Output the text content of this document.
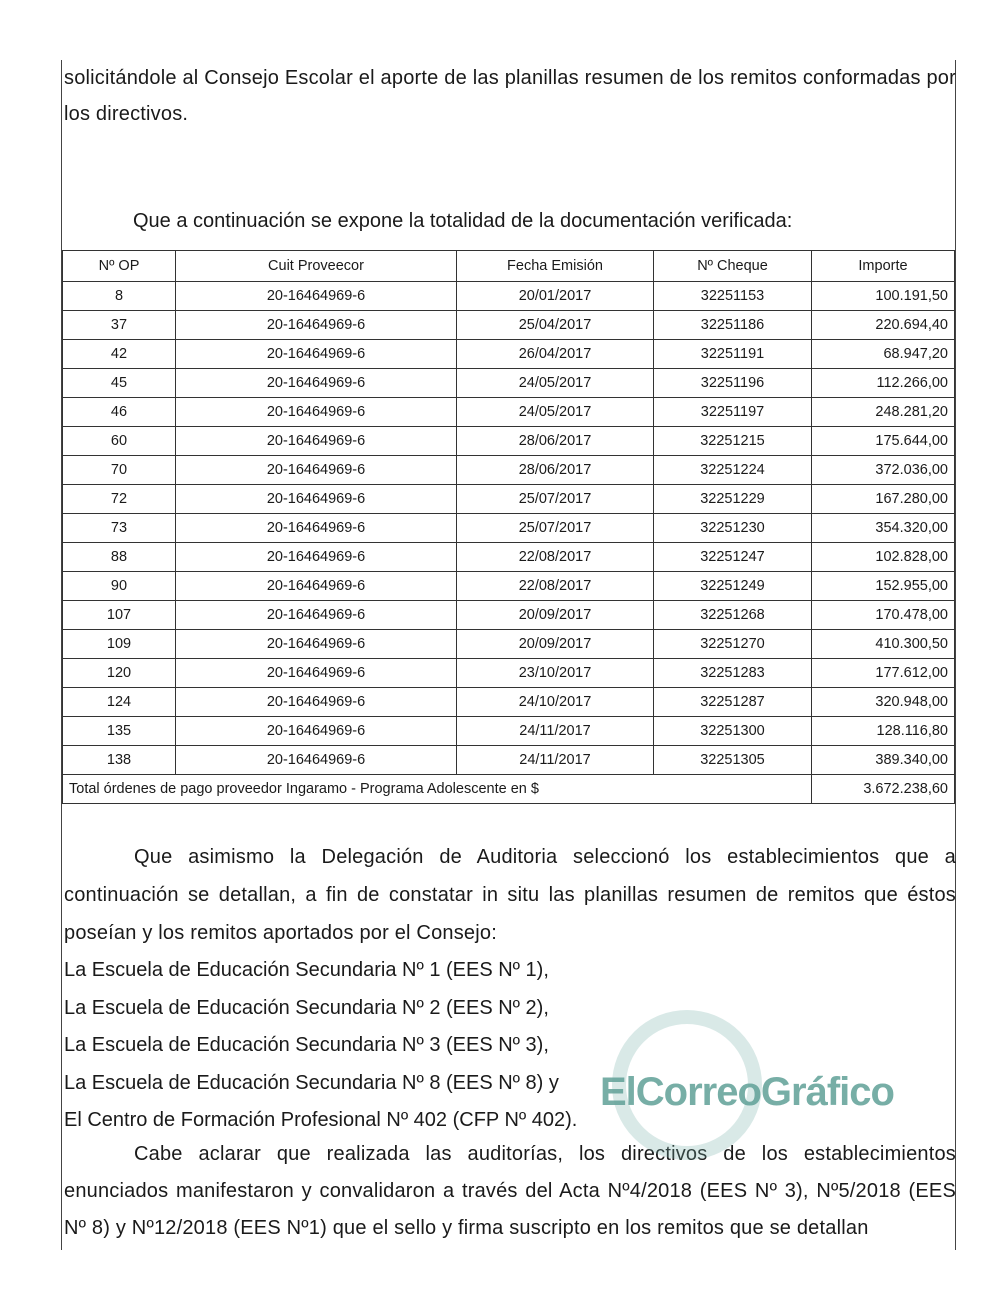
solicitándole al Consejo Escolar el aporte de las planillas resumen de los remitos conformadas por los directivos.
Que a continuación se expone la totalidad de la documentación verificada:
Nº OP	Cuit Proveecor	Fecha Emisión	Nº Cheque	Importe
8	20-16464969-6	20/01/2017	32251153	100.191,50
37	20-16464969-6	25/04/2017	32251186	220.694,40
42	20-16464969-6	26/04/2017	32251191	68.947,20
45	20-16464969-6	24/05/2017	32251196	112.266,00
46	20-16464969-6	24/05/2017	32251197	248.281,20
60	20-16464969-6	28/06/2017	32251215	175.644,00
70	20-16464969-6	28/06/2017	32251224	372.036,00
72	20-16464969-6	25/07/2017	32251229	167.280,00
73	20-16464969-6	25/07/2017	32251230	354.320,00
88	20-16464969-6	22/08/2017	32251247	102.828,00
90	20-16464969-6	22/08/2017	32251249	152.955,00
107	20-16464969-6	20/09/2017	32251268	170.478,00
109	20-16464969-6	20/09/2017	32251270	410.300,50
120	20-16464969-6	23/10/2017	32251283	177.612,00
124	20-16464969-6	24/10/2017	32251287	320.948,00
135	20-16464969-6	24/11/2017	32251300	128.116,80
138	20-16464969-6	24/11/2017	32251305	389.340,00
Total órdenes de pago proveedor Ingaramo - Programa Adolescente en $				3.672.238,60
Que asimismo la Delegación de Auditoria seleccionó los establecimientos que a continuación se detallan, a fin de constatar in situ las planillas resumen de remitos que éstos poseían y los remitos aportados por el Consejo:
La Escuela de Educación Secundaria Nº 1 (EES Nº 1),
La Escuela de Educación Secundaria Nº 2 (EES Nº 2),
La Escuela de Educación Secundaria Nº 3 (EES Nº 3),
La Escuela de Educación Secundaria Nº 8 (EES Nº 8) y
El Centro de Formación Profesional Nº 402 (CFP Nº 402).
Cabe aclarar que realizada las auditorías, los directivos de los establecimientos enunciados manifestaron y convalidaron a través del Acta Nº4/2018 (EES Nº 3), Nº5/2018 (EES Nº 8) y Nº12/2018 (EES Nº1) que el sello y firma suscripto en los remitos que se detallan
ElCorreoGráfico
